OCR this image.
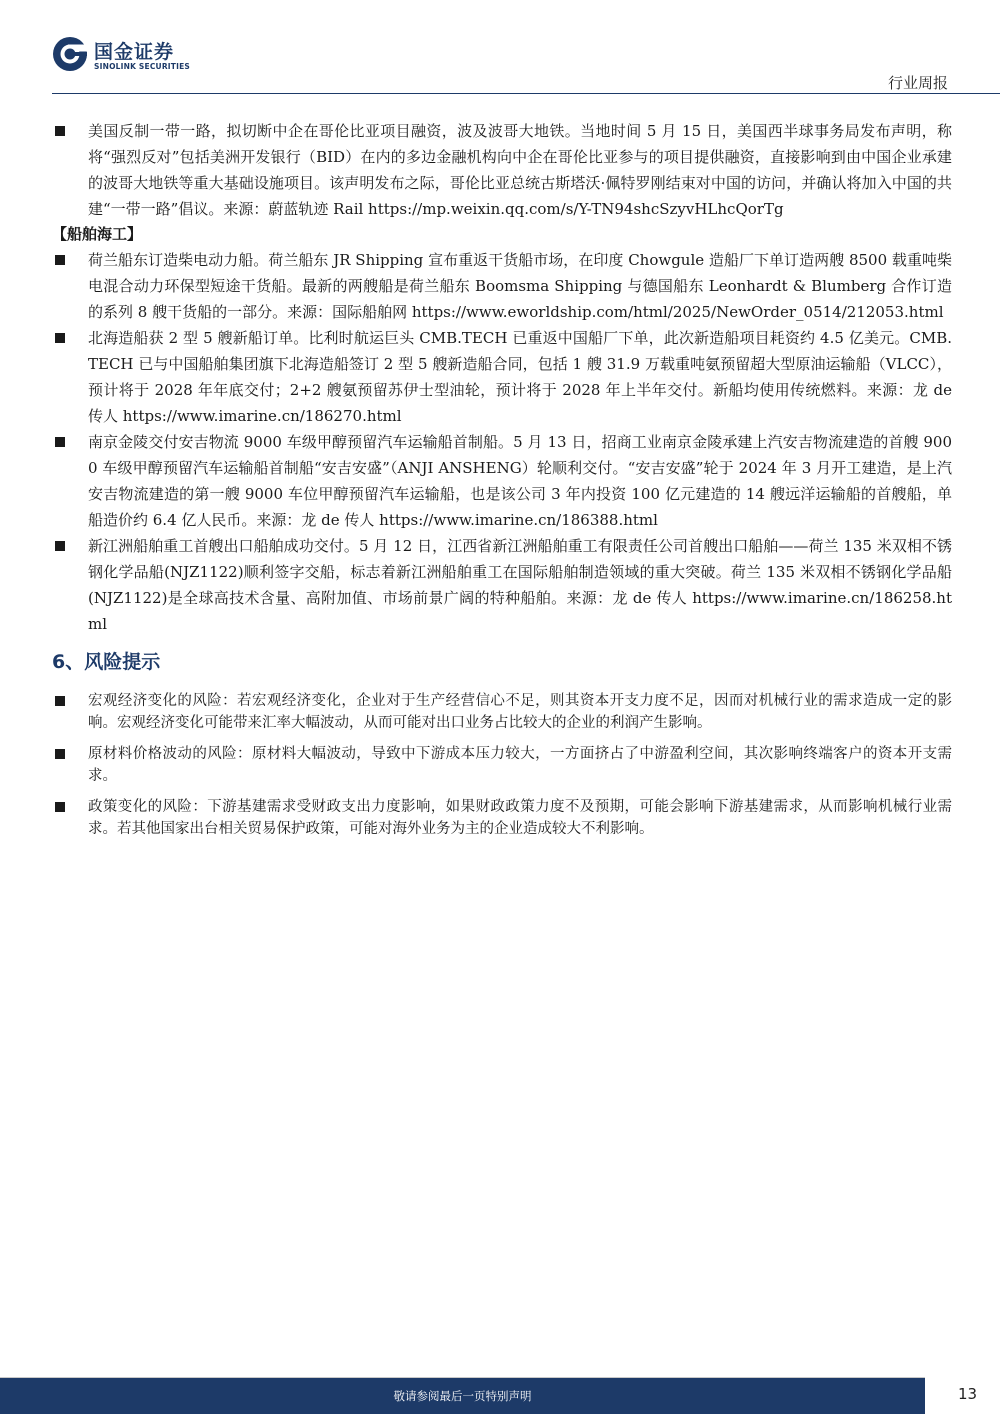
国金证券
SINOLINK SECURITIES
行业周报

美国反制一带一路，拟切断中企在哥伦比亚项目融资，波及波哥大地铁。当地时间 5 月 15 日，美国西半球事务局发布声明，称将“强烈反对”包括美洲开发银行（BID）在内的多边金融机构向中企在哥伦比亚参与的项目提供融资，直接影响到由中国企业承建的波哥大地铁等重大基础设施项目。该声明发布之际，哥伦比亚总统古斯塔沃·佩特罗刚结束对中国的访问，并确认将加入中国的共建“一带一路”倡议。来源：蔚蓝轨迹 Rail https://mp.weixin.qq.com/s/Y-TN94shcSzyvHLhcQorTg

【船舶海工】

荷兰船东订造柴电动力船。荷兰船东 JR Shipping 宣布重返干货船市场，在印度 Chowgule 造船厂下单订造两艘 8500 载重吨柴电混合动力环保型短途干货船。最新的两艘船是荷兰船东 Boomsma Shipping 与德国船东 Leonhardt & Blumberg 合作订造的系列 8 艘干货船的一部分。来源：国际船舶网 https://www.eworldship.com/html/2025/NewOrder_0514/212053.html

北海造船获 2 型 5 艘新船订单。比利时航运巨头 CMB.TECH 已重返中国船厂下单，此次新造船项目耗资约 4.5 亿美元。CMB.TECH 已与中国船舶集团旗下北海造船签订 2 型 5 艘新造船合同，包括 1 艘 31.9 万载重吨氨预留超大型原油运输船（VLCC），预计将于 2028 年年底交付；2+2 艘氨预留苏伊士型油轮，预计将于 2028 年上半年交付。新船均使用传统燃料。来源：龙 de 传人 https://www.imarine.cn/186270.html

南京金陵交付安吉物流 9000 车级甲醇预留汽车运输船首制船。5 月 13 日，招商工业南京金陵承建上汽安吉物流建造的首艘 9000 车级甲醇预留汽车运输船首制船“安吉安盛”（ANJI ANSHENG）轮顺利交付。“安吉安盛”轮于 2024 年 3 月开工建造，是上汽安吉物流建造的第一艘 9000 车位甲醇预留汽车运输船，也是该公司 3 年内投资 100 亿元建造的 14 艘远洋运输船的首艘船，单船造价约 6.4 亿人民币。来源：龙 de 传人 https://www.imarine.cn/186388.html

新江洲船舶重工首艘出口船舶成功交付。5 月 12 日，江西省新江洲船舶重工有限责任公司首艘出口船舶——荷兰 135 米双相不锈钢化学品船(NJZ1122)顺利签字交船，标志着新江洲船舶重工在国际船舶制造领域的重大突破。荷兰 135 米双相不锈钢化学品船(NJZ1122)是全球高技术含量、高附加值、市场前景广阔的特种船舶。来源：龙 de 传人 https://www.imarine.cn/186258.html

6、风险提示

宏观经济变化的风险：若宏观经济变化，企业对于生产经营信心不足，则其资本开支力度不足，因而对机械行业的需求造成一定的影响。宏观经济变化可能带来汇率大幅波动，从而可能对出口业务占比较大的企业的利润产生影响。

原材料价格波动的风险：原材料大幅波动，导致中下游成本压力较大，一方面挤占了中游盈利空间，其次影响终端客户的资本开支需求。

政策变化的风险：下游基建需求受财政支出力度影响，如果财政政策力度不及预期，可能会影响下游基建需求，从而影响机械行业需求。若其他国家出台相关贸易保护政策，可能对海外业务为主的企业造成较大不利影响。

敬请参阅最后一页特别声明	13
